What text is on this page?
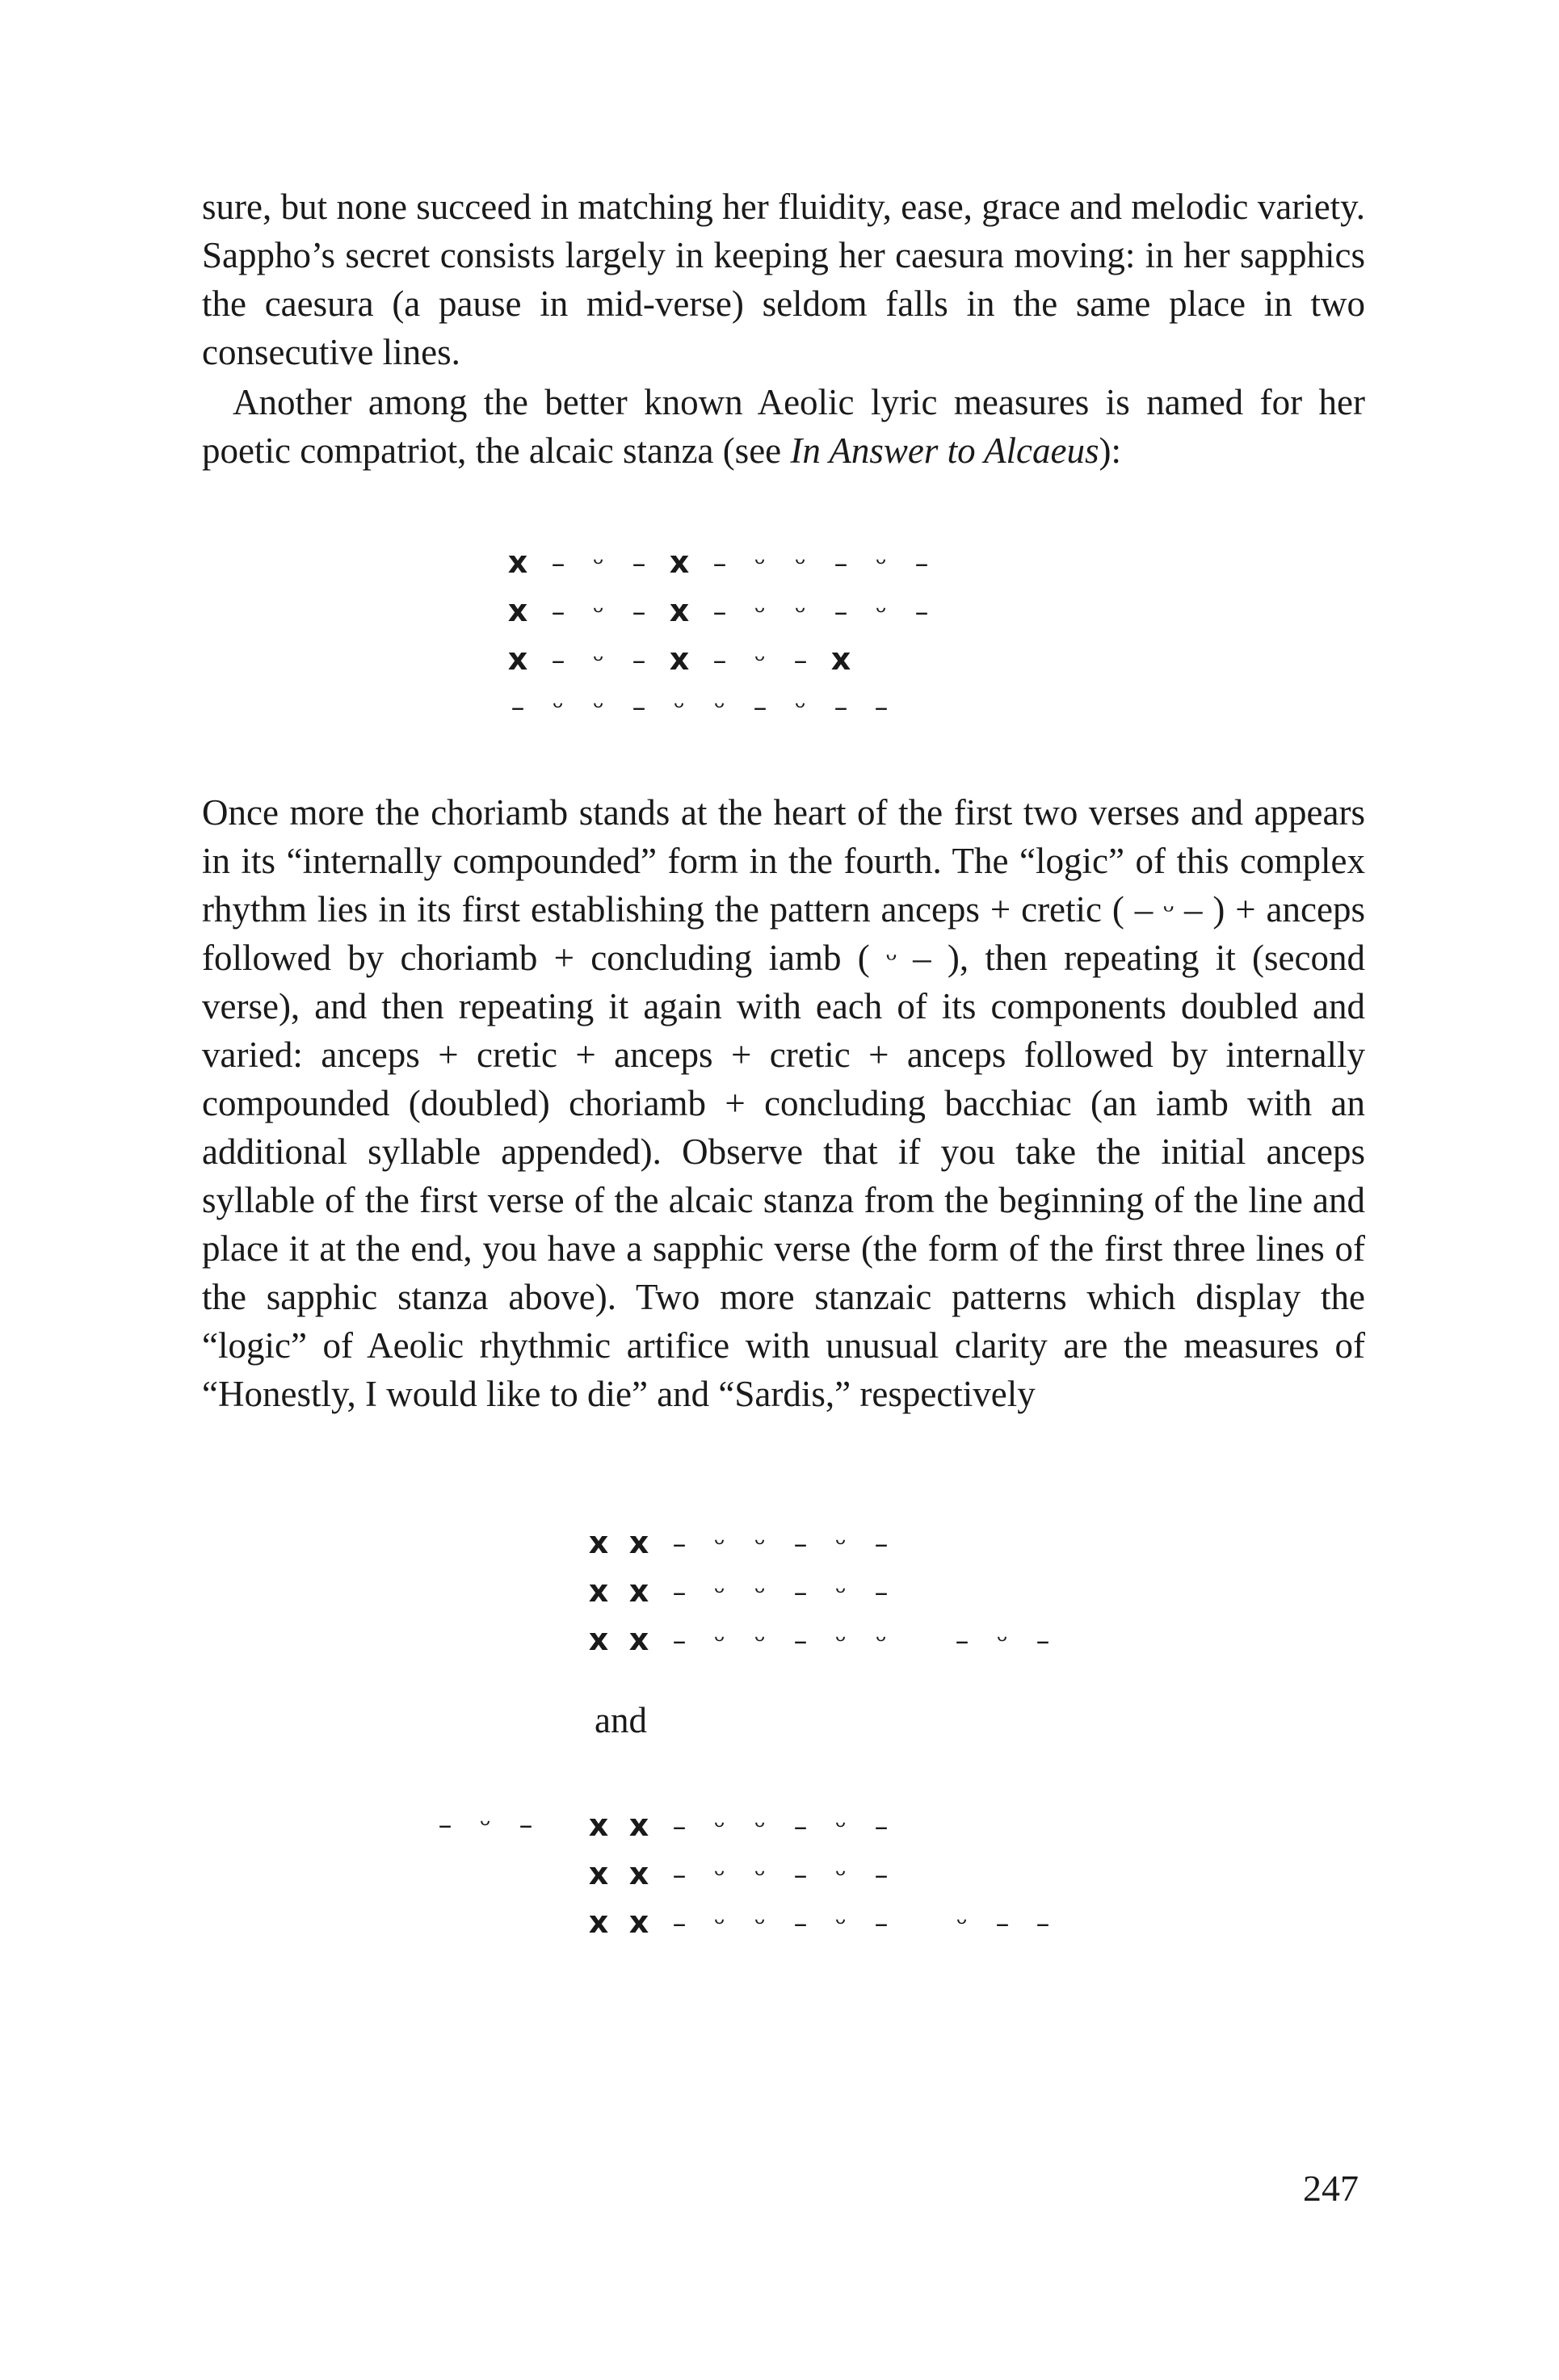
sure, but none succeed in matching her fluidity, ease, grace and melodic variety. Sappho’s secret consists largely in keeping her caesura moving: in her sapphics the caesura (a pause in mid-verse) seldom falls in the same place in two consecutive lines.

Another among the better known Aeolic lyric measures is named for her poetic compatriot, the alcaic stanza (see In Answer to Alcaeus):

x – ᵕ – x – ᵕ ᵕ – ᵕ –
x – ᵕ – x – ᵕ ᵕ – ᵕ –
x – ᵕ – x – ᵕ – x
– ᵕ ᵕ – ᵕ ᵕ – ᵕ – –

Once more the choriamb stands at the heart of the first two verses and appears in its “internally compounded” form in the fourth. The “logic” of this complex rhythm lies in its first establishing the pattern anceps + cretic ( – ᵕ – ) + anceps followed by choriamb + concluding iamb ( ᵕ – ), then repeating it (second verse), and then repeating it again with each of its components doubled and varied: anceps + cretic + anceps + cretic + anceps followed by internally compounded (doubled) choriamb + concluding bacchiac (an iamb with an additional syllable appended). Observe that if you take the initial anceps syllable of the first verse of the alcaic stanza from the beginning of the line and place it at the end, you have a sapphic verse (the form of the first three lines of the sapphic stanza above). Two more stanzaic patterns which display the “logic” of Aeolic rhythmic artifice with unusual clarity are the measures of “Honestly, I would like to die” and “Sardis,” respectively

x x – ᵕ ᵕ – ᵕ –
x x – ᵕ ᵕ – ᵕ –
x x – ᵕ ᵕ – ᵕ ᵕ – ᵕ –
and
– ᵕ –	x x – ᵕ ᵕ – ᵕ –
x x – ᵕ ᵕ – ᵕ –
x x – ᵕ ᵕ – ᵕ – ᵕ – –
247
